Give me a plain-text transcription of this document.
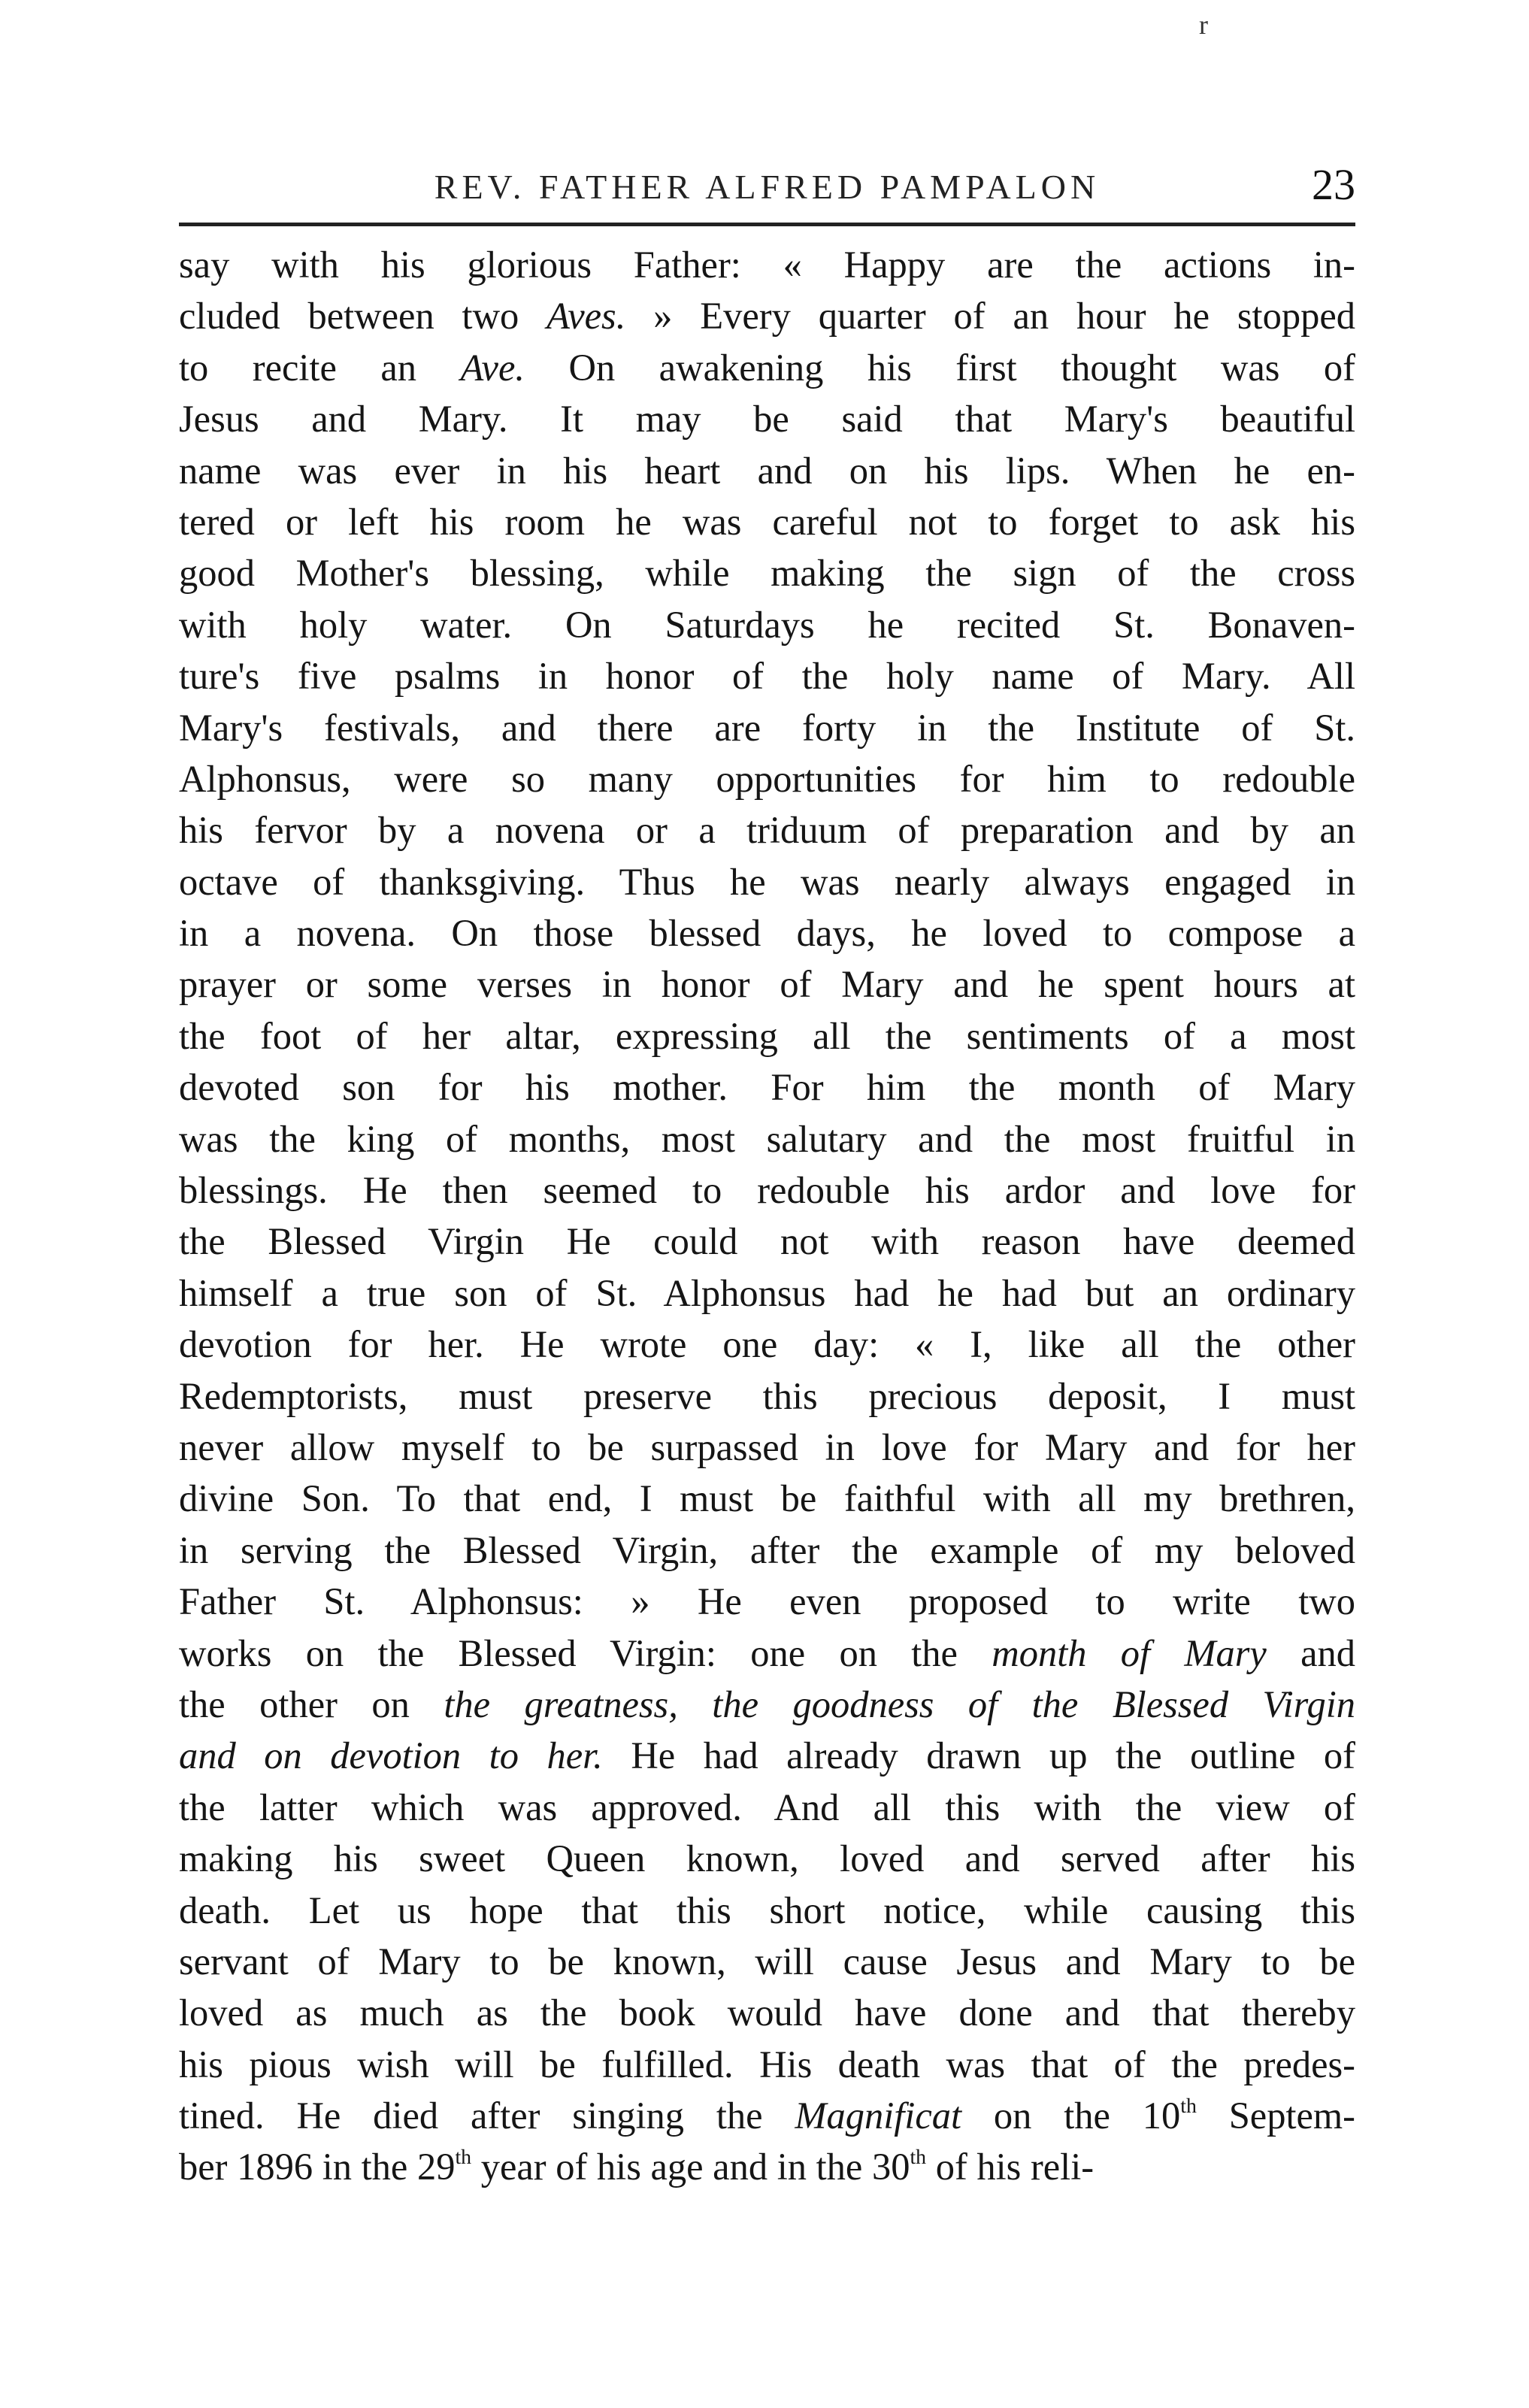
r
REV. FATHER ALFRED PAMPALON	23
say with his glorious Father: « Happy are the actions in-
cluded between two Aves. » Every quarter of an hour he stopped
to recite an Ave. On awakening his first thought was of
Jesus and Mary. It may be said that Mary's beautiful
name was ever in his heart and on his lips. When he en-
tered or left his room he was careful not to forget to ask his
good Mother's blessing, while making the sign of the cross
with holy water. On Saturdays he recited St. Bonaven-
ture's five psalms in honor of the holy name of Mary. All
Mary's festivals, and there are forty in the Institute of St.
Alphonsus, were so many opportunities for him to redouble
his fervor by a novena or a triduum of preparation and by an
octave of thanksgiving. Thus he was nearly always engaged in
in a novena. On those blessed days, he loved to compose a
prayer or some verses in honor of Mary and he spent hours at
the foot of her altar, expressing all the sentiments of a most
devoted son for his mother. For him the month of Mary
was the king of months, most salutary and the most fruitful in
blessings. He then seemed to redouble his ardor and love for
the Blessed Virgin He could not with reason have deemed
himself a true son of St. Alphonsus had he had but an ordinary
devotion for her. He wrote one day: « I, like all the other
Redemptorists, must preserve this precious deposit, I must
never allow myself to be surpassed in love for Mary and for her
divine Son. To that end, I must be faithful with all my brethren,
in serving the Blessed Virgin, after the example of my beloved
Father St. Alphonsus: » He even proposed to write two
works on the Blessed Virgin: one on the month of Mary and
the other on the greatness, the goodness of the Blessed Virgin
and on devotion to her. He had already drawn up the outline of
the latter which was approved. And all this with the view of
making his sweet Queen known, loved and served after his
death. Let us hope that this short notice, while causing this
servant of Mary to be known, will cause Jesus and Mary to be
loved as much as the book would have done and that thereby
his pious wish will be fulfilled. His death was that of the predes-
tined. He died after singing the Magnificat on the 10th Septem-
ber 1896 in the 29th year of his age and in the 30th of his reli-
